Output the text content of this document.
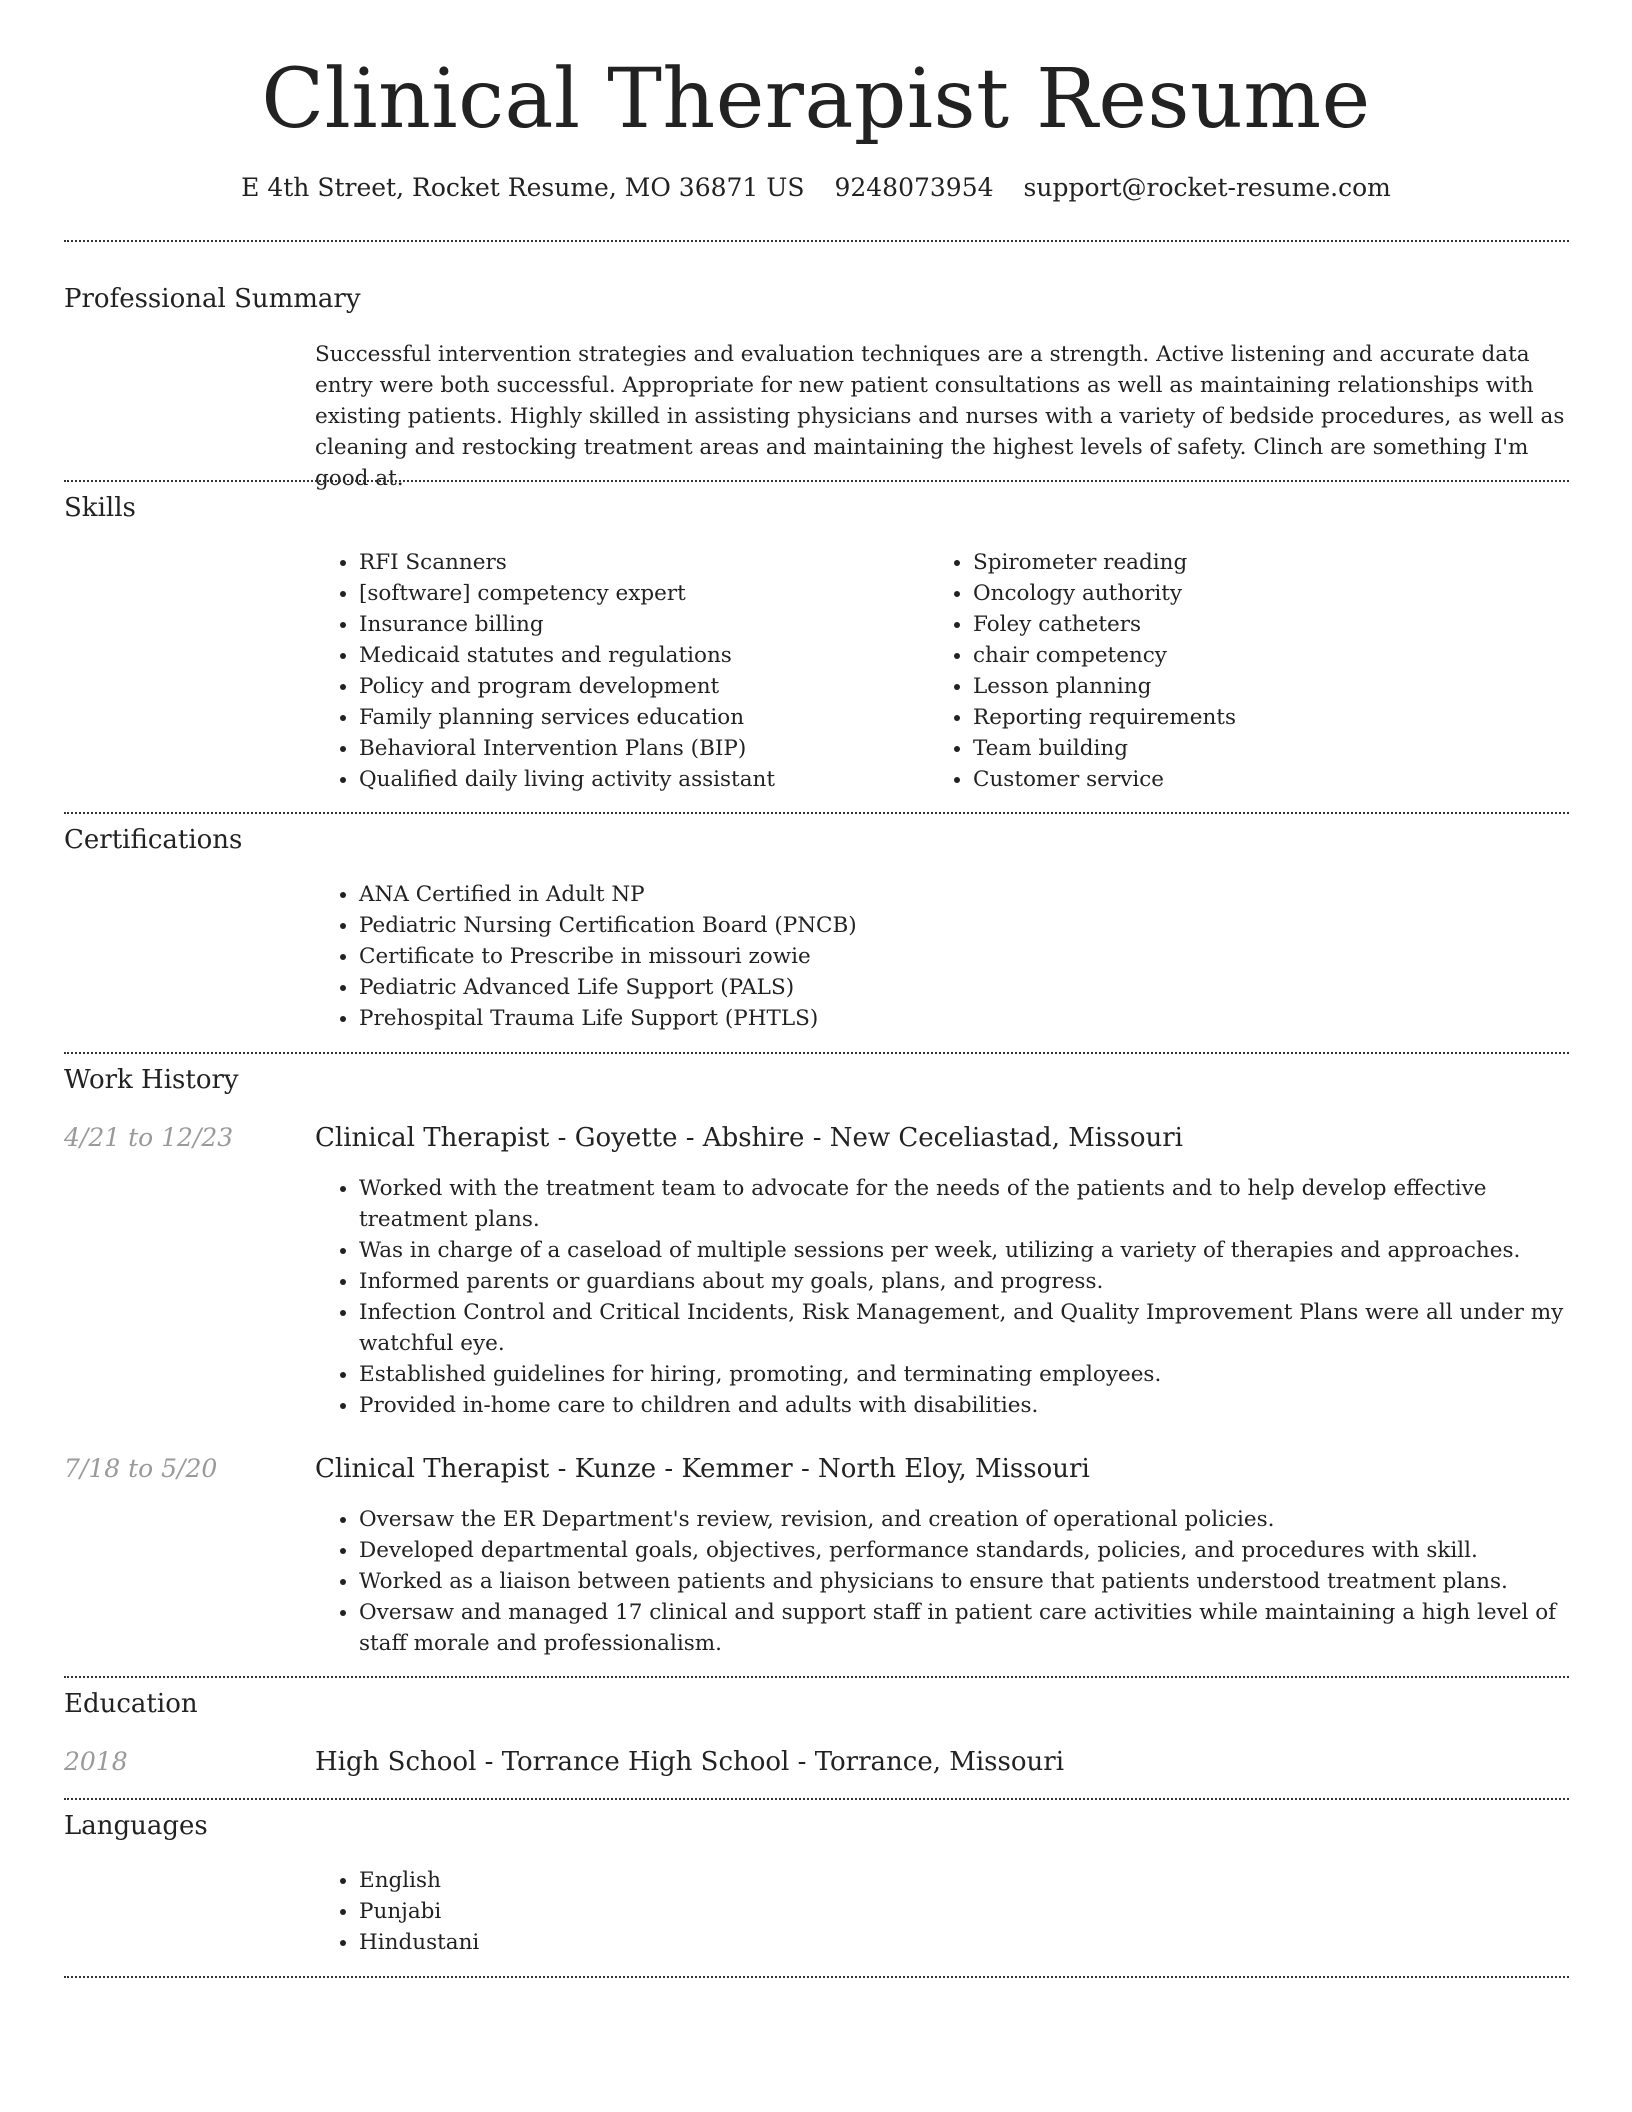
Clinical Therapist Resume
E 4th Street, Rocket Resume, MO 36871 US 9248073954 support@rocket-resume.com
Professional Summary
Successful intervention strategies and evaluation techniques are a strength. Active listening and accurate data entry were both successful. Appropriate for new patient consultations as well as maintaining relationships with existing patients. Highly skilled in assisting physicians and nurses with a variety of bedside procedures, as well as cleaning and restocking treatment areas and maintaining the highest levels of safety. Clinch are something I'm good at.
Skills
• RFI Scanners
• [software] competency expert
• Insurance billing
• Medicaid statutes and regulations
• Policy and program development
• Family planning services education
• Behavioral Intervention Plans (BIP)
• Qualified daily living activity assistant
• Spirometer reading
• Oncology authority
• Foley catheters
• chair competency
• Lesson planning
• Reporting requirements
• Team building
• Customer service
Certifications
• ANA Certified in Adult NP
• Pediatric Nursing Certification Board (PNCB)
• Certificate to Prescribe in missouri zowie
• Pediatric Advanced Life Support (PALS)
• Prehospital Trauma Life Support (PHTLS)
Work History
4/21 to 12/23	Clinical Therapist - Goyette - Abshire - New Ceceliastad, Missouri
• Worked with the treatment team to advocate for the needs of the patients and to help develop effective treatment plans.
• Was in charge of a caseload of multiple sessions per week, utilizing a variety of therapies and approaches.
• Informed parents or guardians about my goals, plans, and progress.
• Infection Control and Critical Incidents, Risk Management, and Quality Improvement Plans were all under my watchful eye.
• Established guidelines for hiring, promoting, and terminating employees.
• Provided in-home care to children and adults with disabilities.
7/18 to 5/20	Clinical Therapist - Kunze - Kemmer - North Eloy, Missouri
• Oversaw the ER Department's review, revision, and creation of operational policies.
• Developed departmental goals, objectives, performance standards, policies, and procedures with skill.
• Worked as a liaison between patients and physicians to ensure that patients understood treatment plans.
• Oversaw and managed 17 clinical and support staff in patient care activities while maintaining a high level of staff morale and professionalism.
Education
2018	High School - Torrance High School - Torrance, Missouri
Languages
• English
• Punjabi
• Hindustani
